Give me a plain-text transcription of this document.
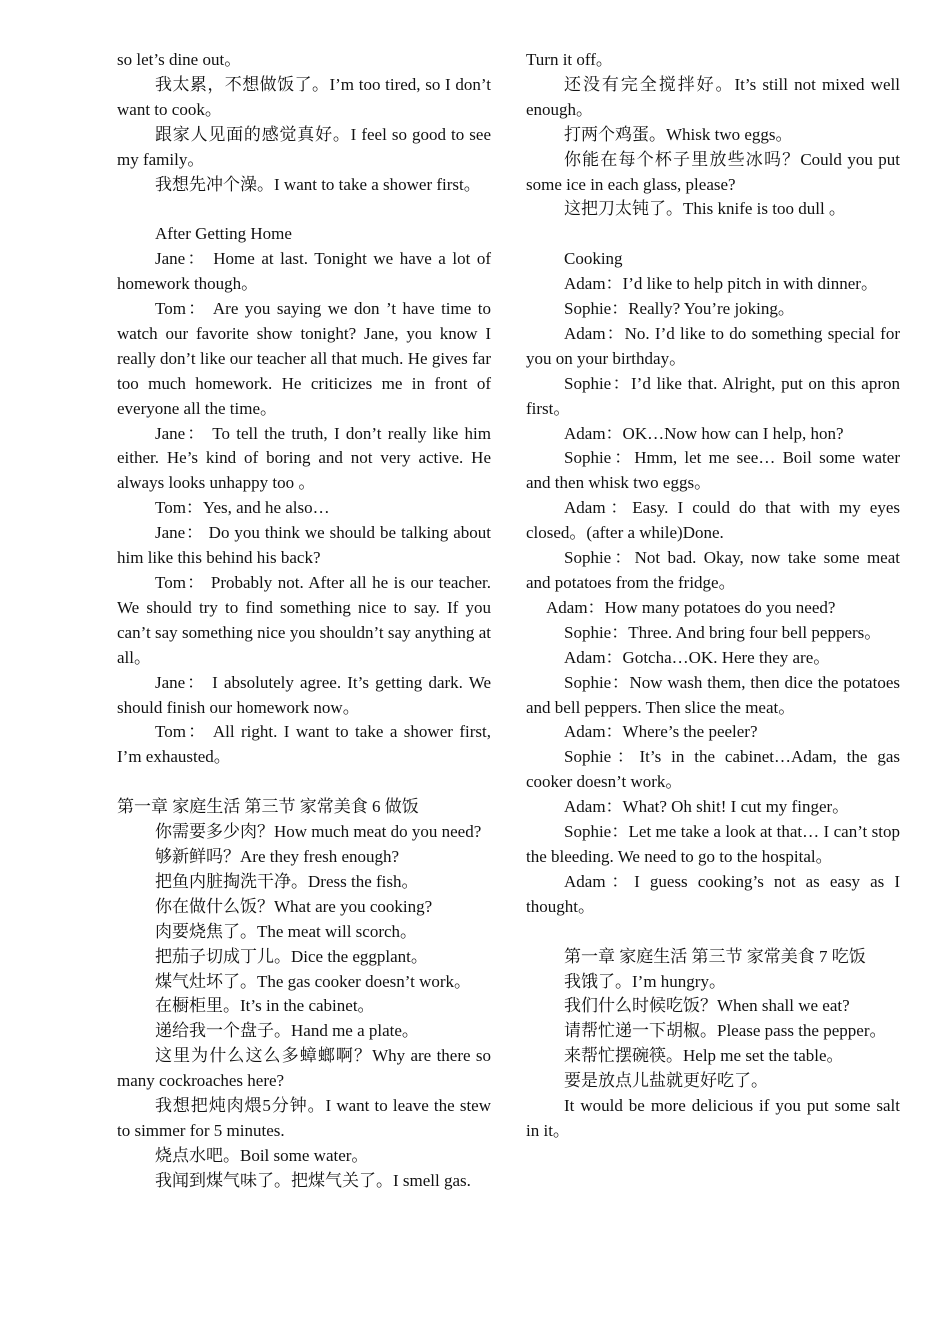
so let’s dine out。

我太累，不想做饭了。I’m too tired, so I don’t want to cook。

跟家人见面的感觉真好。I feel so good to see my family。

我想先冲个澡。I want to take a shower first。

After Getting Home

Jane： Home at last. Tonight we have a lot of homework though。

Tom： Are you saying we don ’t have time to watch our favorite show tonight? Jane, you know I really don’t like our teacher all that much. He gives far too much homework. He criticizes me in front of everyone all the time。

Jane： To tell the truth, I don’t really like him either. He’s kind of boring and not very active. He always looks unhappy too 。

Tom：Yes, and he also…

Jane： Do you think we should be talking about him like this behind his back?

Tom： Probably not. After all he is our teacher. We should try to find something nice to say. If you can’t say something nice you shouldn’t say anything at all。

Jane： I absolutely agree. It’s getting dark. We should finish our homework now。

Tom： All right. I want to take a shower first, I’m exhausted。

第一章 家庭生活 第三节 家常美食 6 做饭

你需要多少肉？How much meat do you need?

够新鲜吗？Are they fresh enough?

把鱼内脏掏洗干净。Dress the fish。

你在做什么饭？What are you cooking?

肉要烧焦了。The meat will scorch。

把茄子切成丁儿。Dice the eggplant。

煤气灶坏了。The gas cooker doesn’t work。

在橱柜里。It’s in the cabinet。

递给我一个盘子。Hand me a plate。

这里为什么这么多蟑螂啊？Why are there so many cockroaches here?

我想把炖肉煨5分钟。I want to leave the stew to simmer for 5 minutes.

烧点水吧。Boil some water。

我闻到煤气味了。把煤气关了。I smell gas.

Turn it off。

还没有完全搅拌好。It’s still not mixed well enough。

打两个鸡蛋。Whisk two eggs。

你能在每个杯子里放些冰吗？Could you put some ice in each glass, please?

这把刀太钝了。This knife is too dull 。

Cooking

Adam：I’d like to help pitch in with dinner。

Sophie：Really? You’re joking。

Adam：No. I’d like to do something special for you on your birthday。

Sophie：I’d like that. Alright, put on this apron first。

Adam：OK…Now how can I help, hon?

Sophie：Hmm, let me see… Boil some water and then whisk two eggs。

Adam：Easy. I could do that with my eyes closed。(after a while)Done.

Sophie：Not bad. Okay, now take some meat and potatoes from the fridge。

Adam：How many potatoes do you need?

Sophie：Three. And bring four bell peppers。

Adam：Gotcha…OK. Here they are。

Sophie：Now wash them, then dice the potatoes and bell peppers. Then slice the meat。

Adam：Where’s the peeler?

Sophie：It’s in the cabinet…Adam, the gas cooker doesn’t work。

Adam：What? Oh shit! I cut my finger。

Sophie：Let me take a look at that… I can’t stop the bleeding. We need to go to the hospital。

Adam：I guess cooking’s not as easy as I thought。

第一章 家庭生活 第三节 家常美食 7 吃饭

我饿了。I’m hungry。

我们什么时候吃饭？When shall we eat?

请帮忙递一下胡椒。Please pass the pepper。

来帮忙摆碗筷。Help me set the table。

要是放点儿盐就更好吃了。

It would be more delicious if you put some salt in it。
